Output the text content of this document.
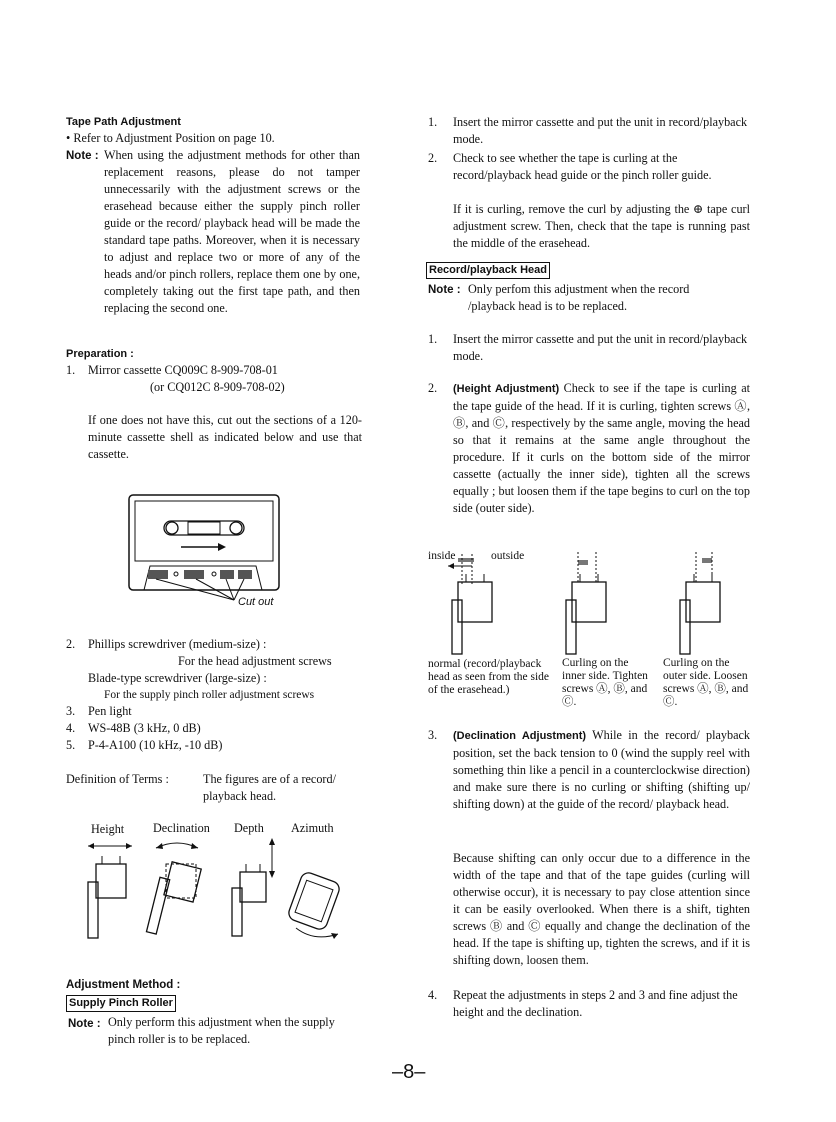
Tape Path Adjustment
• Refer to Adjustment Position on page 10.
Note : When using the adjustment methods for other than replacement reasons, please do not tamper unnecessarily with the adjustment screws or the erasehead because either the supply pinch roller guide or the record/ playback head will be made the standard tape paths. Moreover, when it is necessary to adjust and replace two or more of any of the heads and/or pinch rollers, replace them one by one, completely taking out the first tape path, and then replacing the second one.
Preparation :
1. Mirror cassette CQ009C 8-909-708-01
(or CQ012C 8-909-708-02)
If one does not have this, cut out the sections of a 120-minute cassette shell as indicated below and use that cassette.
Cut out
2. Phillips screwdriver (medium-size) :
For the head adjustment screws
Blade-type screwdriver (large-size) :
For the supply pinch roller adjustment screws
3. Pen light
4. WS-48B (3 kHz, 0 dB)
5. P-4-A100 (10 kHz, -10 dB)
Definition of Terms :	The figures are of a record/ playback head.
Height Declination Depth Azimuth
Adjustment Method :
Supply Pinch Roller
Note : Only perform this adjustment when the supply pinch roller is to be replaced.
1. Insert the mirror cassette and put the unit in record/playback mode.
2. Check to see whether the tape is curling at the record/playback head guide or the pinch roller guide.
If it is curling, remove the curl by adjusting the ⊕ tape curl adjustment screw. Then, check that the tape is running past the middle of the erasehead.
Record/playback Head
Note : Only perfom this adjustment when the record /playback head is to be replaced.
1. Insert the mirror cassette and put the unit in record/playback mode.
2. (Height Adjustment) Check to see if the tape is curling at the tape guide of the head. If it is curling, tighten screws Ⓐ, Ⓑ, and Ⓒ, respectively by the same angle, moving the head so that it remains at the same angle throughout the procedure. If it curls on the bottom side of the mirror cassette (actually the inner side), tighten all the screws equally ; but loosen them if the tape begins to curl on the top side (outer side).
inside	outside
normal (record/playback head as seen from the side of the erasehead.)
Curling on the inner side. Tighten screws Ⓐ, Ⓑ, and Ⓒ.
Curling on the outer side. Loosen screws Ⓐ, Ⓑ, and Ⓒ.
3. (Declination Adjustment) While in the record/ playback position, set the back tension to 0 (wind the supply reel with something thin like a pencil in a counterclockwise direction) and make sure there is no curling or shifting (shifting up/ shifting down) at the guide of the record/ playback head.
Because shifting can only occur due to a difference in the width of the tape and that of the tape guides (curling will otherwise occur), it is necessary to pay close attention since it can be easily overlooked. When there is a shift, tighten screws Ⓑ and Ⓒ equally and change the declination of the head. If the tape is shifting up, tighten the screws, and if it is shifting down, loosen them.
4. Repeat the adjustments in steps 2 and 3 and fine adjust the height and the declination.
–8–
